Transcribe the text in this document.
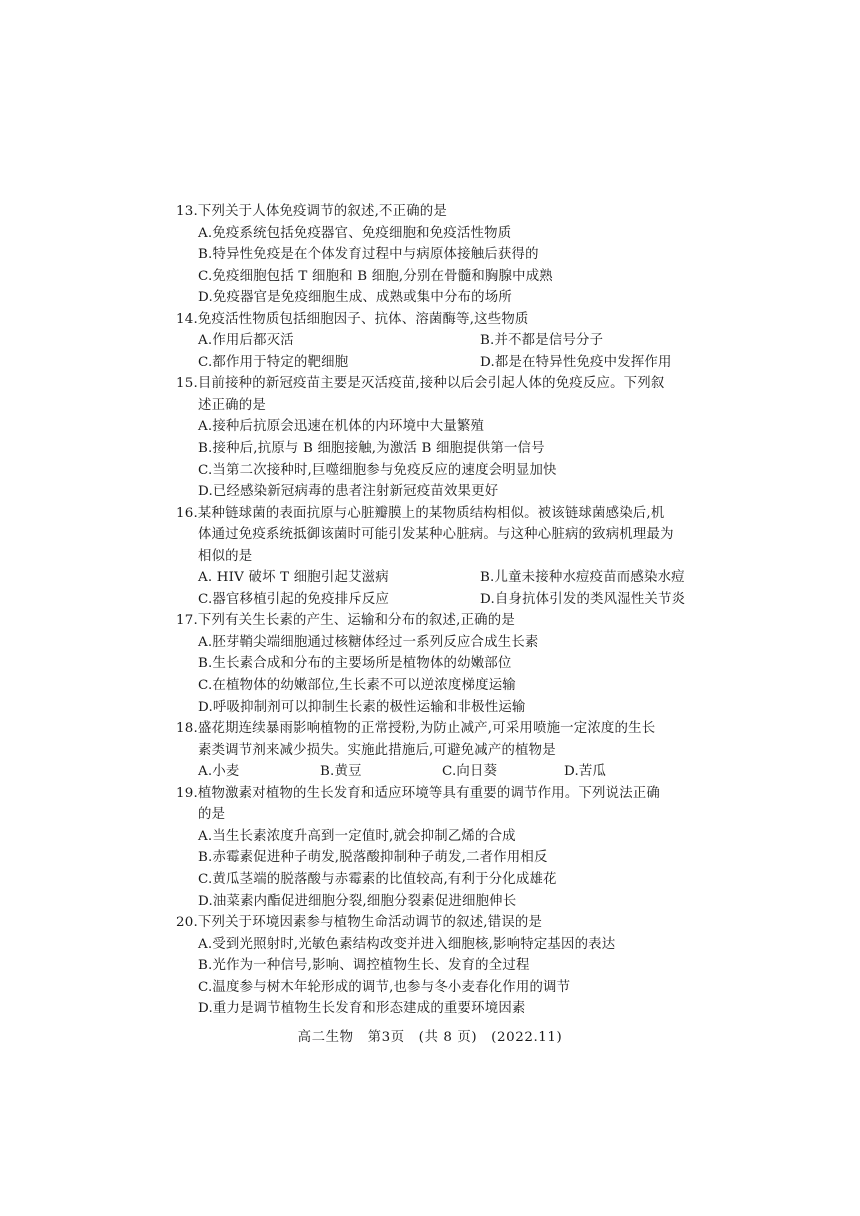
13.下列关于人体免疫调节的叙述,不正确的是
A.免疫系统包括免疫器官、免疫细胞和免疫活性物质
B.特异性免疫是在个体发育过程中与病原体接触后获得的
C.免疫细胞包括 T 细胞和 B 细胞,分别在骨髓和胸腺中成熟
D.免疫器官是免疫细胞生成、成熟或集中分布的场所
14.免疫活性物质包括细胞因子、抗体、溶菌酶等,这些物质
A.作用后都灭活	B.并不都是信号分子
C.都作用于特定的靶细胞	D.都是在特异性免疫中发挥作用
15.目前接种的新冠疫苗主要是灭活疫苗,接种以后会引起人体的免疫反应。下列叙
述正确的是
A.接种后抗原会迅速在机体的内环境中大量繁殖
B.接种后,抗原与 B 细胞接触,为激活 B 细胞提供第一信号
C.当第二次接种时,巨噬细胞参与免疫反应的速度会明显加快
D.已经感染新冠病毒的患者注射新冠疫苗效果更好
16.某种链球菌的表面抗原与心脏瓣膜上的某物质结构相似。被该链球菌感染后,机
体通过免疫系统抵御该菌时可能引发某种心脏病。与这种心脏病的致病机理最为
相似的是
A. HIV 破坏 T 细胞引起艾滋病	B.儿童未接种水痘疫苗而感染水痘
C.器官移植引起的免疫排斥反应	D.自身抗体引发的类风湿性关节炎
17.下列有关生长素的产生、运输和分布的叙述,正确的是
A.胚芽鞘尖端细胞通过核糖体经过一系列反应合成生长素
B.生长素合成和分布的主要场所是植物体的幼嫩部位
C.在植物体的幼嫩部位,生长素不可以逆浓度梯度运输
D.呼吸抑制剂可以抑制生长素的极性运输和非极性运输
18.盛花期连续暴雨影响植物的正常授粉,为防止减产,可采用喷施一定浓度的生长
素类调节剂来减少损失。实施此措施后,可避免减产的植物是
A.小麦	B.黄豆	C.向日葵	D.苦瓜
19.植物激素对植物的生长发育和适应环境等具有重要的调节作用。下列说法正确
的是
A.当生长素浓度升高到一定值时,就会抑制乙烯的合成
B.赤霉素促进种子萌发,脱落酸抑制种子萌发,二者作用相反
C.黄瓜茎端的脱落酸与赤霉素的比值较高,有利于分化成雄花
D.油菜素内酯促进细胞分裂,细胞分裂素促进细胞伸长
20.下列关于环境因素参与植物生命活动调节的叙述,错误的是
A.受到光照射时,光敏色素结构改变并进入细胞核,影响特定基因的表达
B.光作为一种信号,影响、调控植物生长、发育的全过程
C.温度参与树木年轮形成的调节,也参与冬小麦春化作用的调节
D.重力是调节植物生长发育和形态建成的重要环境因素
高二生物　第3页　(共 8 页)　(2022.11)
